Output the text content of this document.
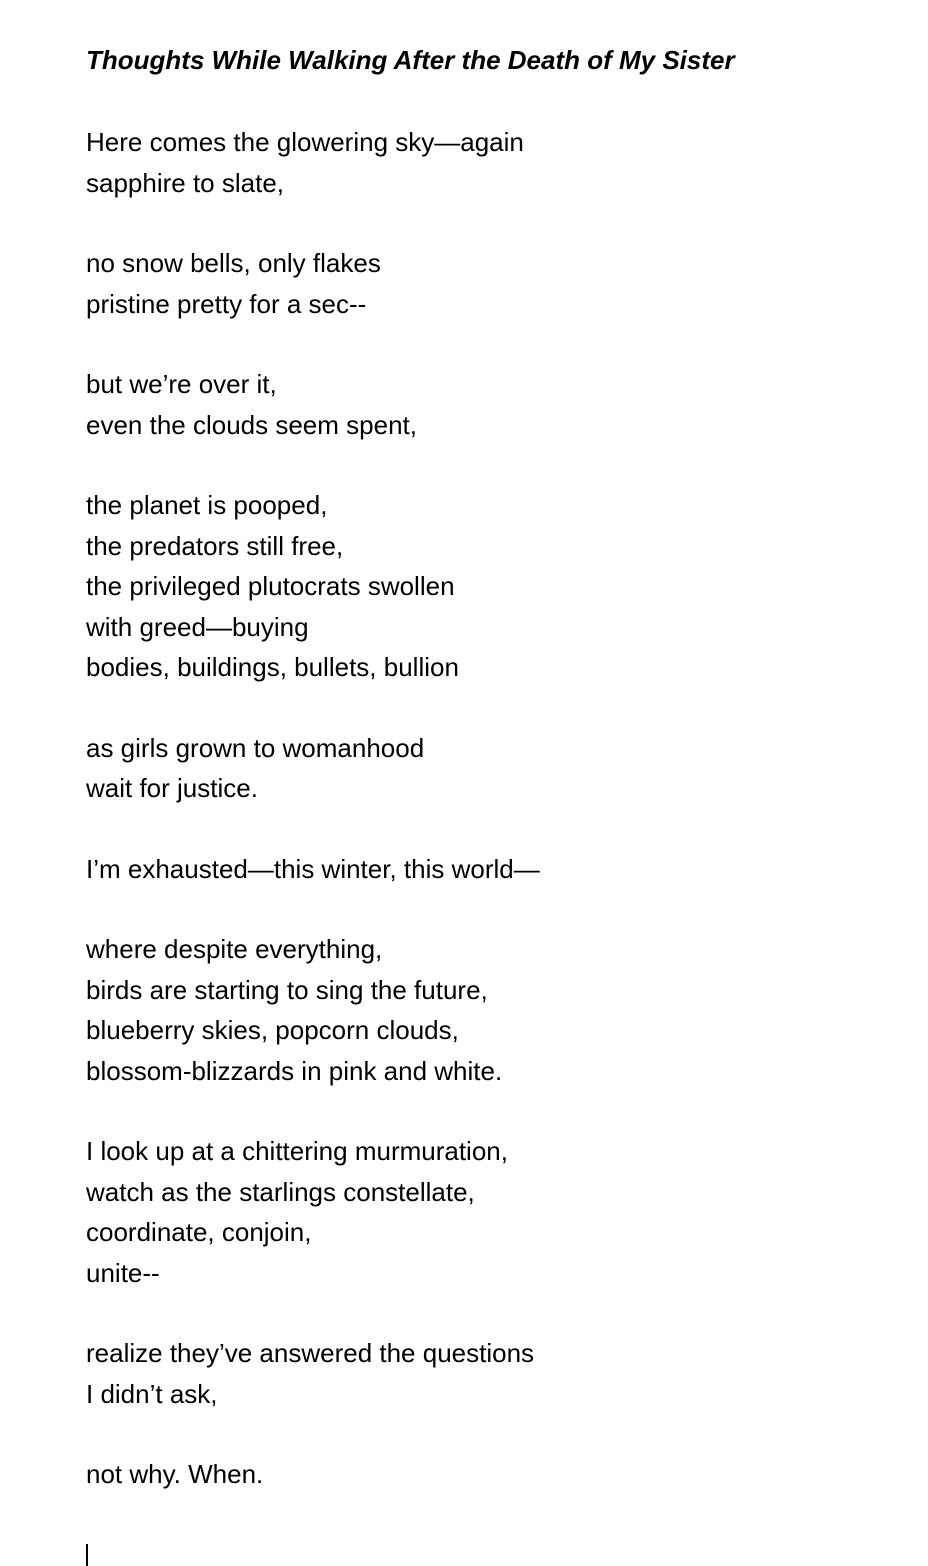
Thoughts While Walking After the Death of My Sister
Here comes the glowering sky—again
sapphire to slate,
no snow bells, only flakes
pristine pretty for a sec--
but we’re over it,
even the clouds seem spent,
the planet is pooped,
the predators still free,
the privileged plutocrats swollen
with greed—buying
bodies, buildings, bullets, bullion
as girls grown to womanhood
wait for justice.
I’m exhausted—this winter, this world—
where despite everything,
birds are starting to sing the future,
blueberry skies, popcorn clouds,
blossom-blizzards in pink and white.
I look up at a chittering murmuration,
watch as the starlings constellate,
coordinate, conjoin,
unite--
realize they’ve answered the questions
I didn’t ask,
not why. When.
